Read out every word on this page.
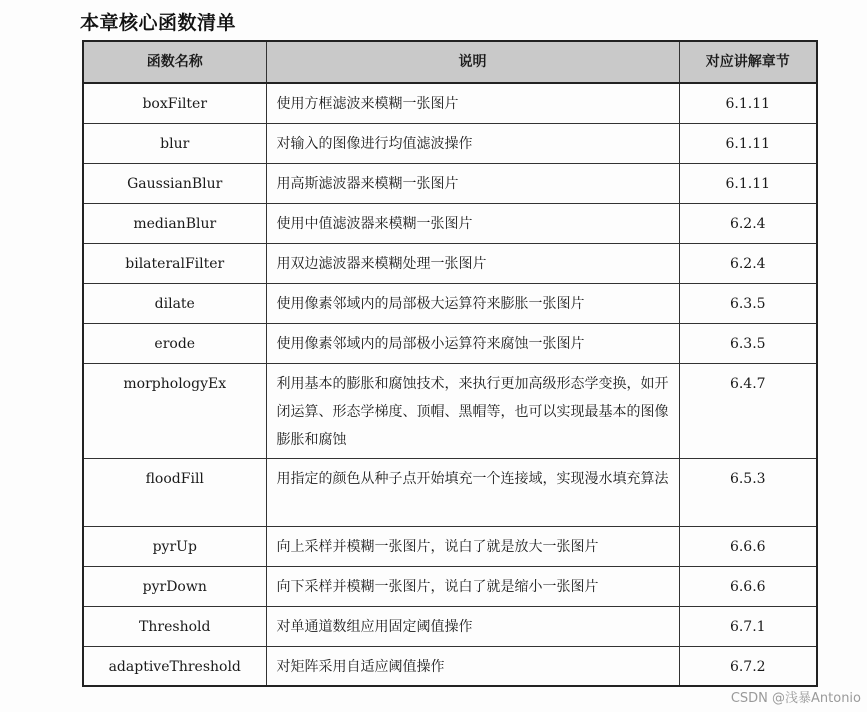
本章核心函数清单
函数名称	说明	对应讲解章节
boxFilter	使用方框滤波来模糊一张图片	6.1.11
blur	对输入的图像进行均值滤波操作	6.1.11
GaussianBlur	用高斯滤波器来模糊一张图片	6.1.11
medianBlur	使用中值滤波器来模糊一张图片	6.2.4
bilateralFilter	用双边滤波器来模糊处理一张图片	6.2.4
dilate	使用像素邻域内的局部极大运算符来膨胀一张图片	6.3.5
erode	使用像素邻域内的局部极小运算符来腐蚀一张图片	6.3.5
morphologyEx	利用基本的膨胀和腐蚀技术，来执行更加高级形态学变换，如开闭运算、形态学梯度、顶帽、黑帽等，也可以实现最基本的图像膨胀和腐蚀	6.4.7
floodFill	用指定的颜色从种子点开始填充一个连接域，实现漫水填充算法	6.5.3
pyrUp	向上采样并模糊一张图片，说白了就是放大一张图片	6.6.6
pyrDown	向下采样并模糊一张图片，说白了就是缩小一张图片	6.6.6
Threshold	对单通道数组应用固定阈值操作	6.7.1
adaptiveThreshold	对矩阵采用自适应阈值操作	6.7.2
CSDN @浅暴Antonio
